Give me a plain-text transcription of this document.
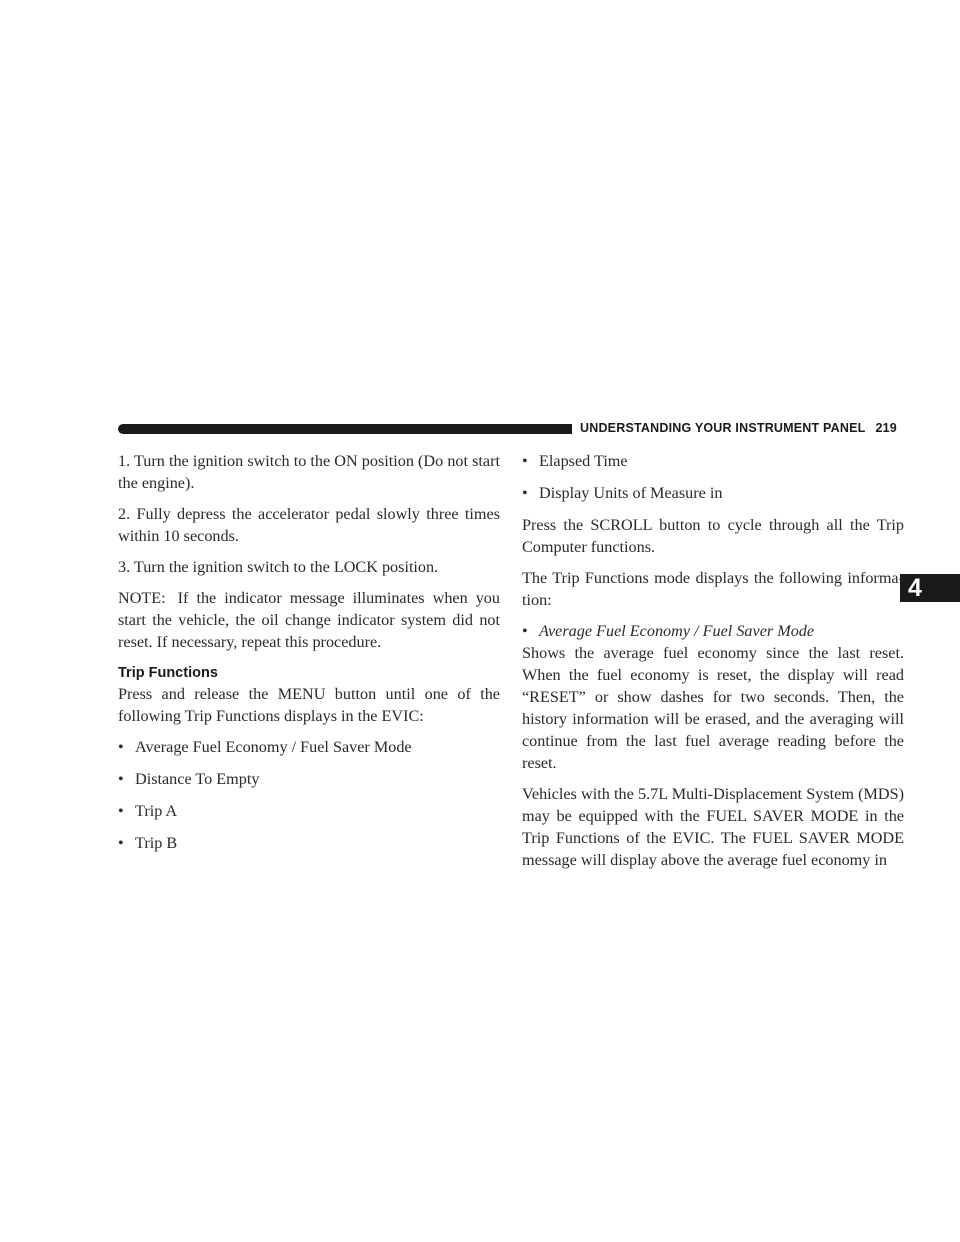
UNDERSTANDING YOUR INSTRUMENT PANEL 219
4

1. Turn the ignition switch to the ON position (Do not start the engine).

2. Fully depress the accelerator pedal slowly three times within 10 seconds.

3. Turn the ignition switch to the LOCK position.

NOTE: If the indicator message illuminates when you start the vehicle, the oil change indicator system did not reset. If necessary, repeat this procedure.

Trip Functions

Press and release the MENU button until one of the following Trip Functions displays in the EVIC:

• Average Fuel Economy / Fuel Saver Mode
• Distance To Empty
• Trip A
• Trip B
• Elapsed Time
• Display Units of Measure in

Press the SCROLL button to cycle through all the Trip Computer functions.

The Trip Functions mode displays the following informa-tion:

• Average Fuel Economy / Fuel Saver Mode

Shows the average fuel economy since the last reset. When the fuel economy is reset, the display will read “RESET” or show dashes for two seconds. Then, the history information will be erased, and the averaging will continue from the last fuel average reading before the reset.

Vehicles with the 5.7L Multi-Displacement System (MDS) may be equipped with the FUEL SAVER MODE in the Trip Functions of the EVIC. The FUEL SAVER MODE message will display above the average fuel economy in
